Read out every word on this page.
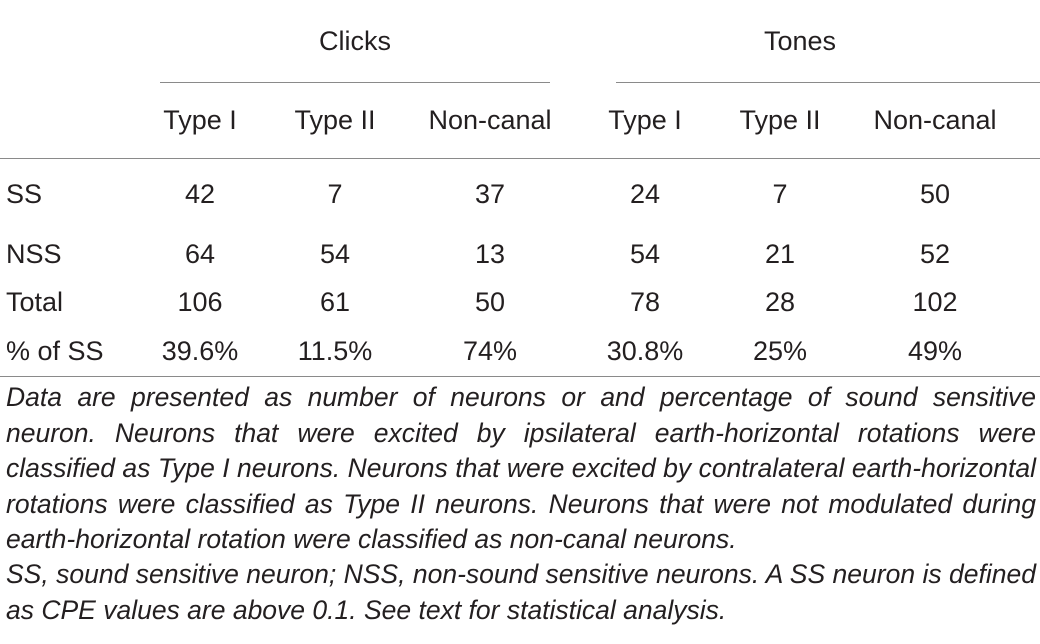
	Clicks			Tones		

	Type I	Type II	Non-canal	Type I	Type II	Non-canal
SS	42	7	37	24	7	50
NSS	64	54	13	54	21	52
Total	106	61	50	78	28	102
% of SS	39.6%	11.5%	74%	30.8%	25%	49%

Data are presented as number of neurons or and percentage of sound sensitive neuron. Neurons that were excited by ipsilateral earth-horizontal rotations were classified as Type I neurons. Neurons that were excited by contralateral earth-horizontal rotations were classified as Type II neurons. Neurons that were not modulated during earth-horizontal rotation were classified as non-canal neurons.

SS, sound sensitive neuron; NSS, non-sound sensitive neurons. A SS neuron is defined as CPE values are above 0.1. See text for statistical analysis.
